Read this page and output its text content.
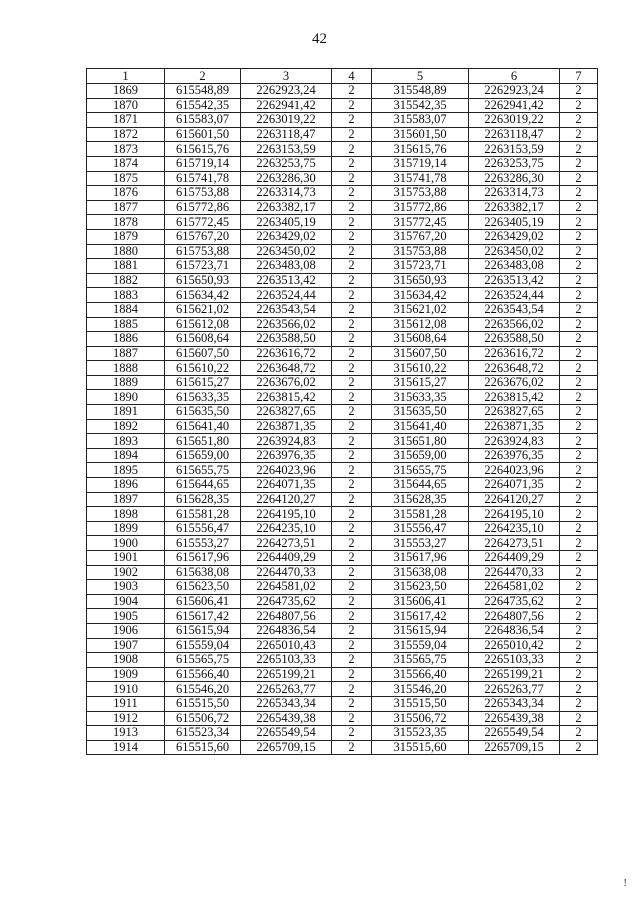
42
1	2	3	4	5	6	7
1869	615548,89	2262923,24	2	315548,89	2262923,24	2
1870	615542,35	2262941,42	2	315542,35	2262941,42	2
1871	615583,07	2263019,22	2	315583,07	2263019,22	2
1872	615601,50	2263118,47	2	315601,50	2263118,47	2
1873	615615,76	2263153,59	2	315615,76	2263153,59	2
1874	615719,14	2263253,75	2	315719,14	2263253,75	2
1875	615741,78	2263286,30	2	315741,78	2263286,30	2
1876	615753,88	2263314,73	2	315753,88	2263314,73	2
1877	615772,86	2263382,17	2	315772,86	2263382,17	2
1878	615772,45	2263405,19	2	315772,45	2263405,19	2
1879	615767,20	2263429,02	2	315767,20	2263429,02	2
1880	615753,88	2263450,02	2	315753,88	2263450,02	2
1881	615723,71	2263483,08	2	315723,71	2263483,08	2
1882	615650,93	2263513,42	2	315650,93	2263513,42	2
1883	615634,42	2263524,44	2	315634,42	2263524,44	2
1884	615621,02	2263543,54	2	315621,02	2263543,54	2
1885	615612,08	2263566,02	2	315612,08	2263566,02	2
1886	615608,64	2263588,50	2	315608,64	2263588,50	2
1887	615607,50	2263616,72	2	315607,50	2263616,72	2
1888	615610,22	2263648,72	2	315610,22	2263648,72	2
1889	615615,27	2263676,02	2	315615,27	2263676,02	2
1890	615633,35	2263815,42	2	315633,35	2263815,42	2
1891	615635,50	2263827,65	2	315635,50	2263827,65	2
1892	615641,40	2263871,35	2	315641,40	2263871,35	2
1893	615651,80	2263924,83	2	315651,80	2263924,83	2
1894	615659,00	2263976,35	2	315659,00	2263976,35	2
1895	615655,75	2264023,96	2	315655,75	2264023,96	2
1896	615644,65	2264071,35	2	315644,65	2264071,35	2
1897	615628,35	2264120,27	2	315628,35	2264120,27	2
1898	615581,28	2264195,10	2	315581,28	2264195,10	2
1899	615556,47	2264235,10	2	315556,47	2264235,10	2
1900	615553,27	2264273,51	2	315553,27	2264273,51	2
1901	615617,96	2264409,29	2	315617,96	2264409,29	2
1902	615638,08	2264470,33	2	315638,08	2264470,33	2
1903	615623,50	2264581,02	2	315623,50	2264581,02	2
1904	615606,41	2264735,62	2	315606,41	2264735,62	2
1905	615617,42	2264807,56	2	315617,42	2264807,56	2
1906	615615,94	2264836,54	2	315615,94	2264836,54	2
1907	615559,04	2265010,43	2	315559,04	2265010,42	2
1908	615565,75	2265103,33	2	315565,75	2265103,33	2
1909	615566,40	2265199,21	2	315566,40	2265199,21	2
1910	615546,20	2265263,77	2	315546,20	2265263,77	2
1911	615515,50	2265343,34	2	315515,50	2265343,34	2
1912	615506,72	2265439,38	2	315506,72	2265439,38	2
1913	615523,34	2265549,54	2	315523,35	2265549,54	2
1914	615515,60	2265709,15	2	315515,60	2265709,15	2
!
